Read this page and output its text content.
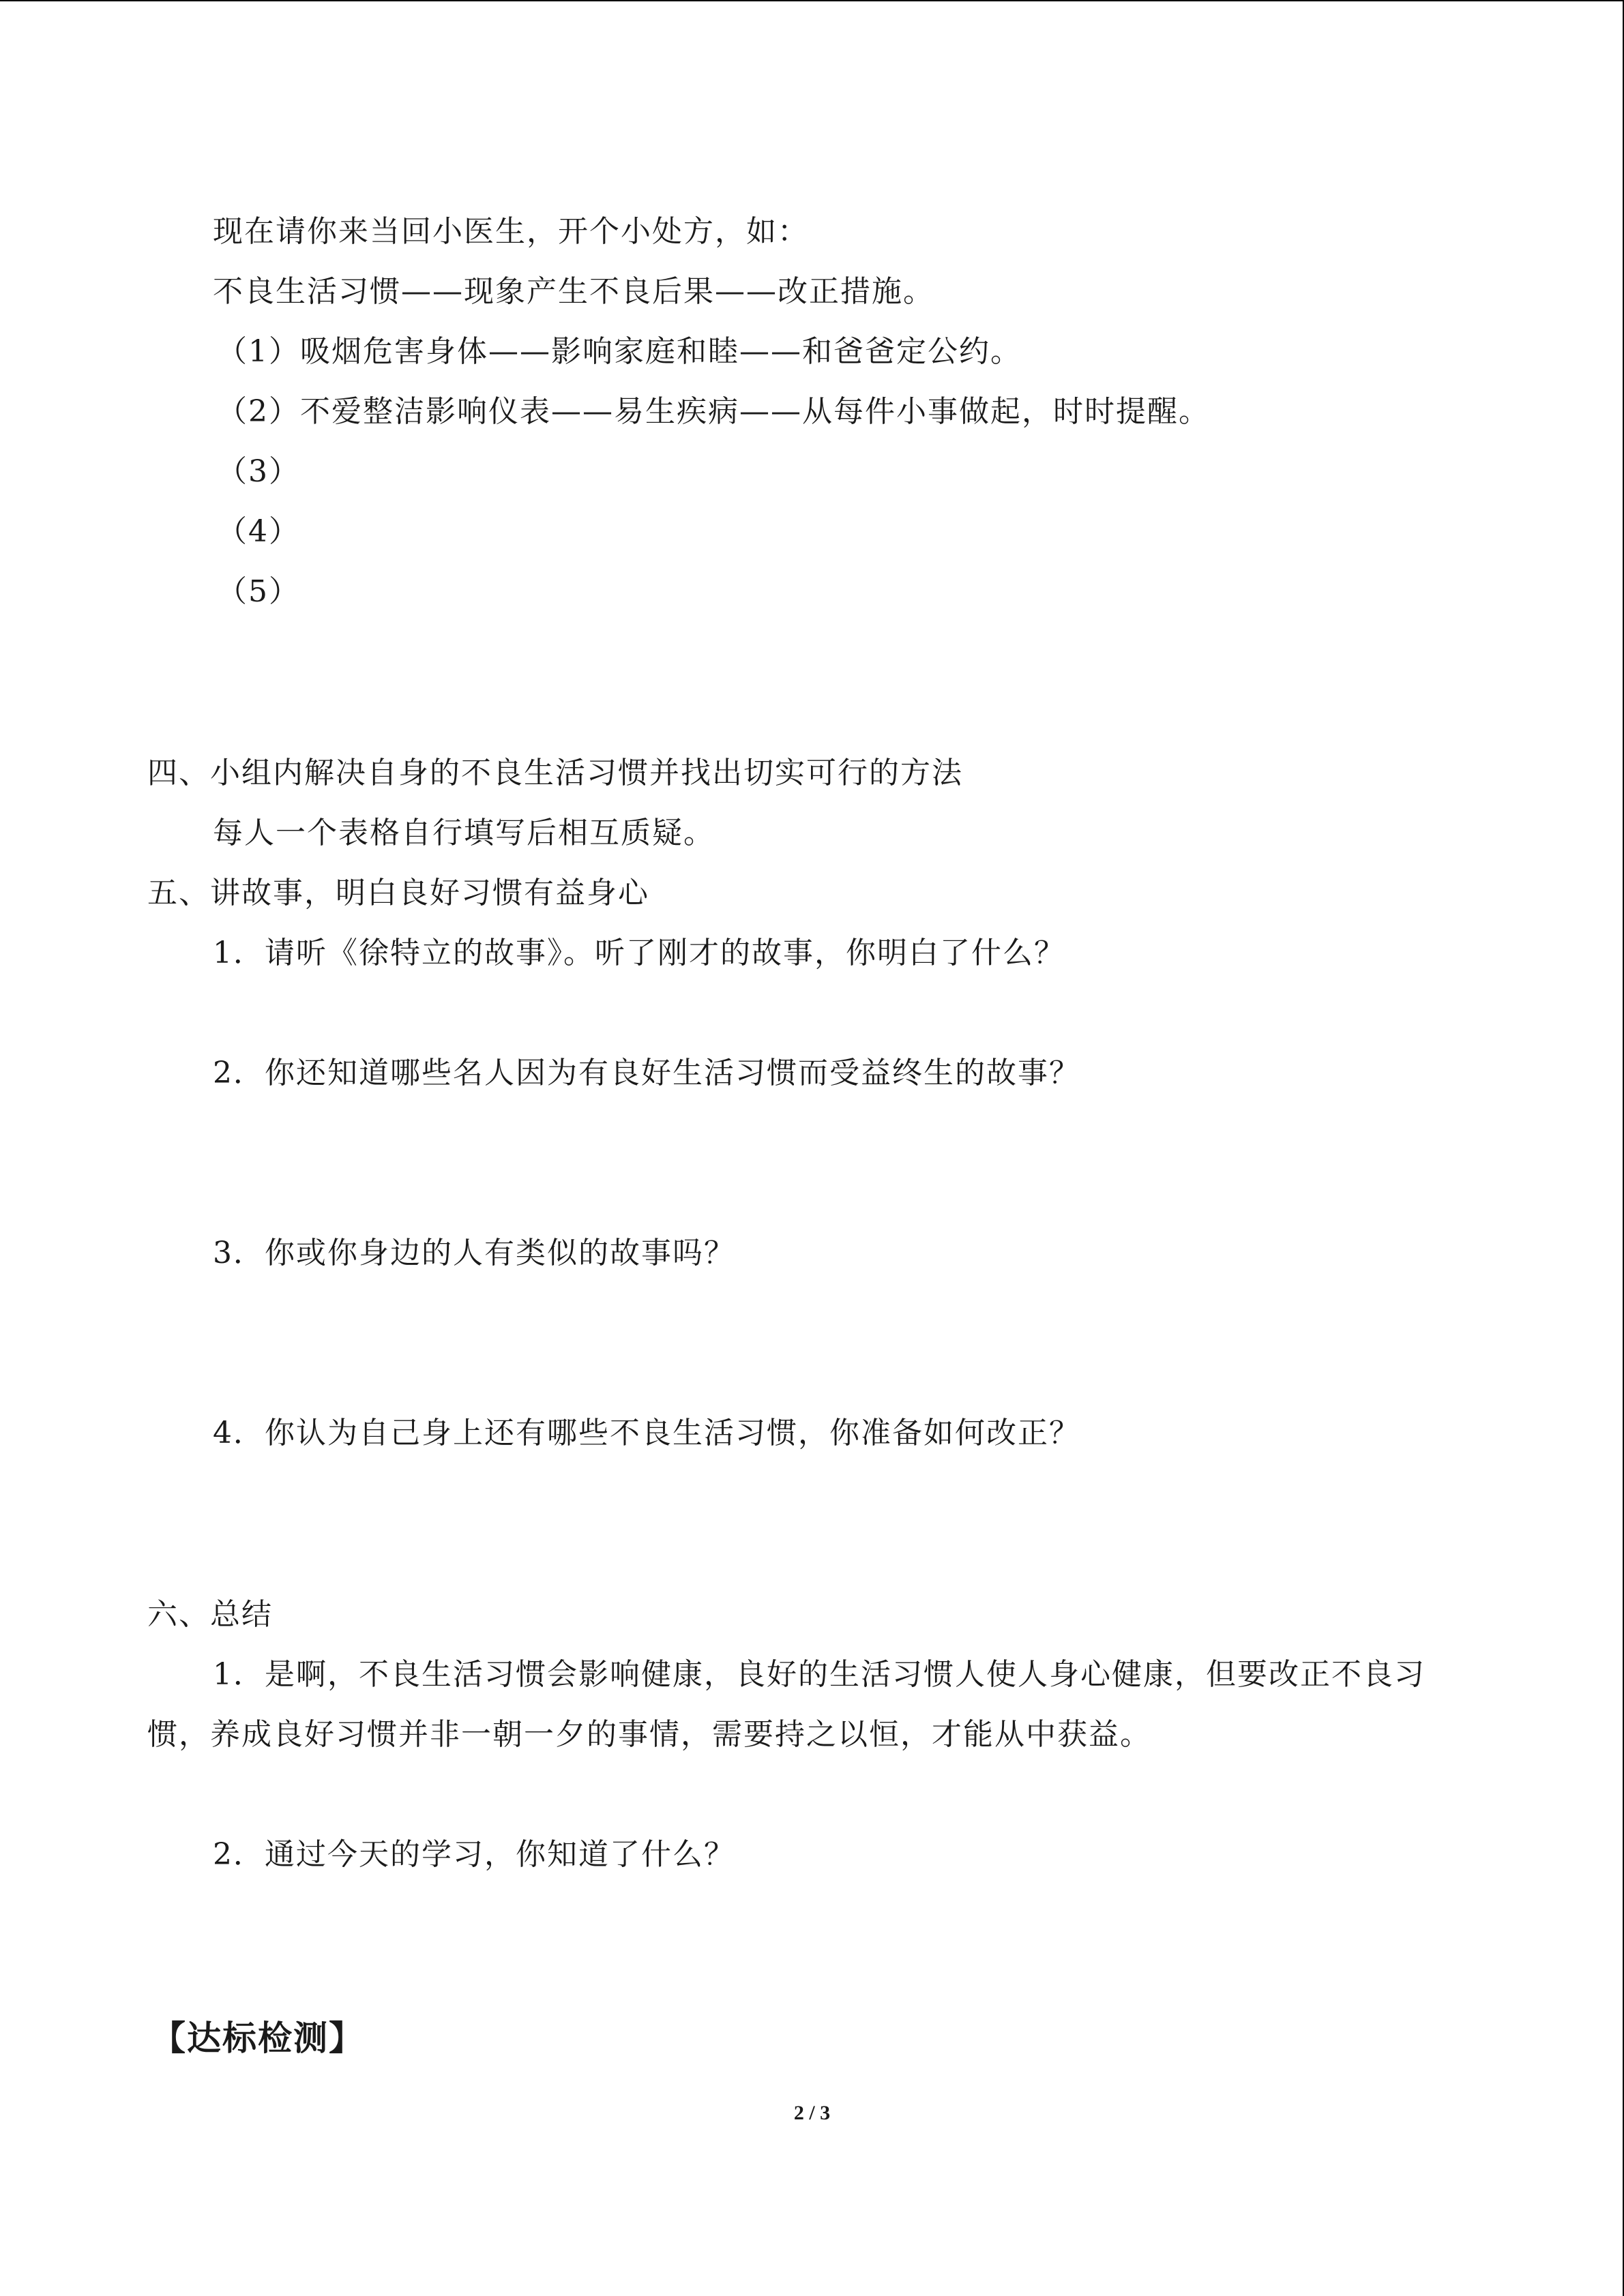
现在请你来当回小医生，开个小处方，如：
不良生活习惯——现象产生不良后果——改正措施。
（1）吸烟危害身体——影响家庭和睦——和爸爸定公约。
（2）不爱整洁影响仪表——易生疾病——从每件小事做起，时时提醒。
（3）
（4）
（5）
四、小组内解决自身的不良生活习惯并找出切实可行的方法
每人一个表格自行填写后相互质疑。
五、讲故事，明白良好习惯有益身心
1．请听《徐特立的故事》。听了刚才的故事，你明白了什么？
2．你还知道哪些名人因为有良好生活习惯而受益终生的故事？
3．你或你身边的人有类似的故事吗？
4．你认为自己身上还有哪些不良生活习惯，你准备如何改正？
六、总结
1．是啊，不良生活习惯会影响健康，良好的生活习惯人使人身心健康，但要改正不良习
惯，养成良好习惯并非一朝一夕的事情，需要持之以恒，才能从中获益。
2．通过今天的学习，你知道了什么？
【达标检测】
2 / 3
